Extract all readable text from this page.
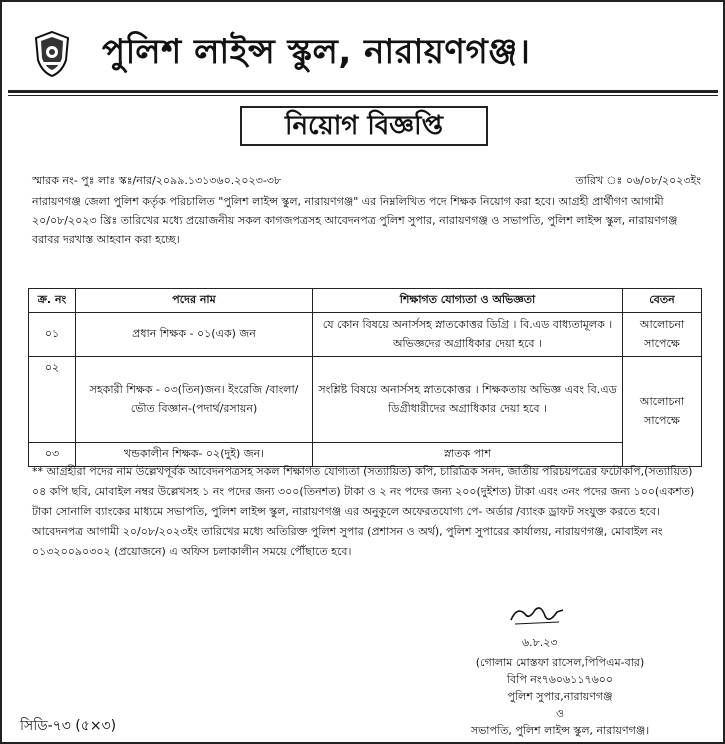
পুলিশ লাইন্স স্কুল, নারায়ণগঞ্জ।
নিয়োগ বিজ্ঞপ্তি
স্মারক নং- পুঃ লাঃ স্কঃ/নার/২০৯৯.১৩১৩৬০.২০২৩-৩৮	তারিখ ঃ ০৬/০৮/২০২৩ইং
নারায়ণগঞ্জ জেলা পুলিশ কর্তৃক পরিচালিত "পুলিশ লাইন্স স্কুল, নারায়ণগঞ্জ" এর নিম্নলিখিত পদে শিক্ষক নিয়োগ করা হবে। আগ্রহী প্রার্থীগণ আগামী ২০/০৮/২০২৩ খ্রিঃ তারিখের মধ্যে প্রয়োজনীয় সকল কাগজপত্রসহ আবেদনপত্র পুলিশ সুপার, নারায়ণগঞ্জ ও সভাপতি, পুলিশ লাইন্স স্কুল, নারায়ণগঞ্জ বরাবর দরখাস্ত আহবান করা হচ্ছে।
ক্র. নং	পদের নাম	শিক্ষাগত যোগ্যতা ও অভিজ্ঞতা	বেতন
০১	প্রধান শিক্ষক - ০১(এক) জন	যে কোন বিষয়ে অনার্সসহ স্নাতকোত্তর ডিগ্রি । বি.এড বাধ্যতামূলক । অভিজ্ঞদের অগ্রাধিকার দেয়া হবে ।	আলোচনা সাপেক্ষে
০২	সহকারী শিক্ষক - ০৩(তিন)জন। ইংরেজি /বাংলা/ভৌত বিজ্ঞান-(পদার্থ/রসায়ন)	সংশ্লিষ্ট বিষয়ে অনার্সসহ স্নাতকোত্তর । শিক্ষকতায় অভিজ্ঞ এবং বি.এড ডিগ্রীধারীদের অগ্রাধিকার দেয়া হবে ।	আলোচনা সাপেক্ষে
০৩	খন্ডকালীন শিক্ষক- ০২(দুই) জন।	স্নাতক পাশ	
** আগ্রহীরা পদের নাম উল্লেখপূর্বক আবেদনপত্রসহ সকল শিক্ষাগত যোগ্যতা (সত্যায়িত) কপি, চারিত্রিক সনদ, জাতীয় পরিচয়পত্রের ফটোকপি,(সত্যায়িত) ০৪ কপি ছবি, মোবাইল নম্বর উল্লেখসহ ১ নং পদের জন্য ৩০০(তিনশত) টাকা ও ২ নং পদের জন্য ২০০(দুইশত) টাকা এবং ৩নং পদের জন্য ১০০(একশত) টাকা সোনালি ব্যাংকের মাধ্যমে সভাপতি, পুলিশ লাইন্স স্কুল, নারায়ণগঞ্জ এর অনুকূলে অফেরতযোগ্য পে- অর্ডার /ব্যাংক ড্রাফট সংযুক্ত করতে হবে।আবেদনপত্র আগামী ২০/০৮/২০২৩ইং তারিখের মধ্যে অতিরিক্ত পুলিশ সুপার (প্রশাসন ও অর্থ), পুলিশ সুপারের কার্যালয়, নারায়ণগঞ্জ, মোবাইল নং ০১৩২০০৯০৩০২ (প্রয়োজনে) এ অফিস চলাকালীন সময়ে পৌঁছাতে হবে।
৬.৮.২৩
(গোলাম মোস্তফা রাসেল,পিপিএম-বার)
বিপি নং৭৬০৬১১৭৬০০
পুলিশ সুপার,নারায়ণগঞ্জ
ও
সভাপতি, পুলিশ লাইন্স স্কুল, নারায়ণগঞ্জ।
সিডি-৭৩ (৫×৩)
